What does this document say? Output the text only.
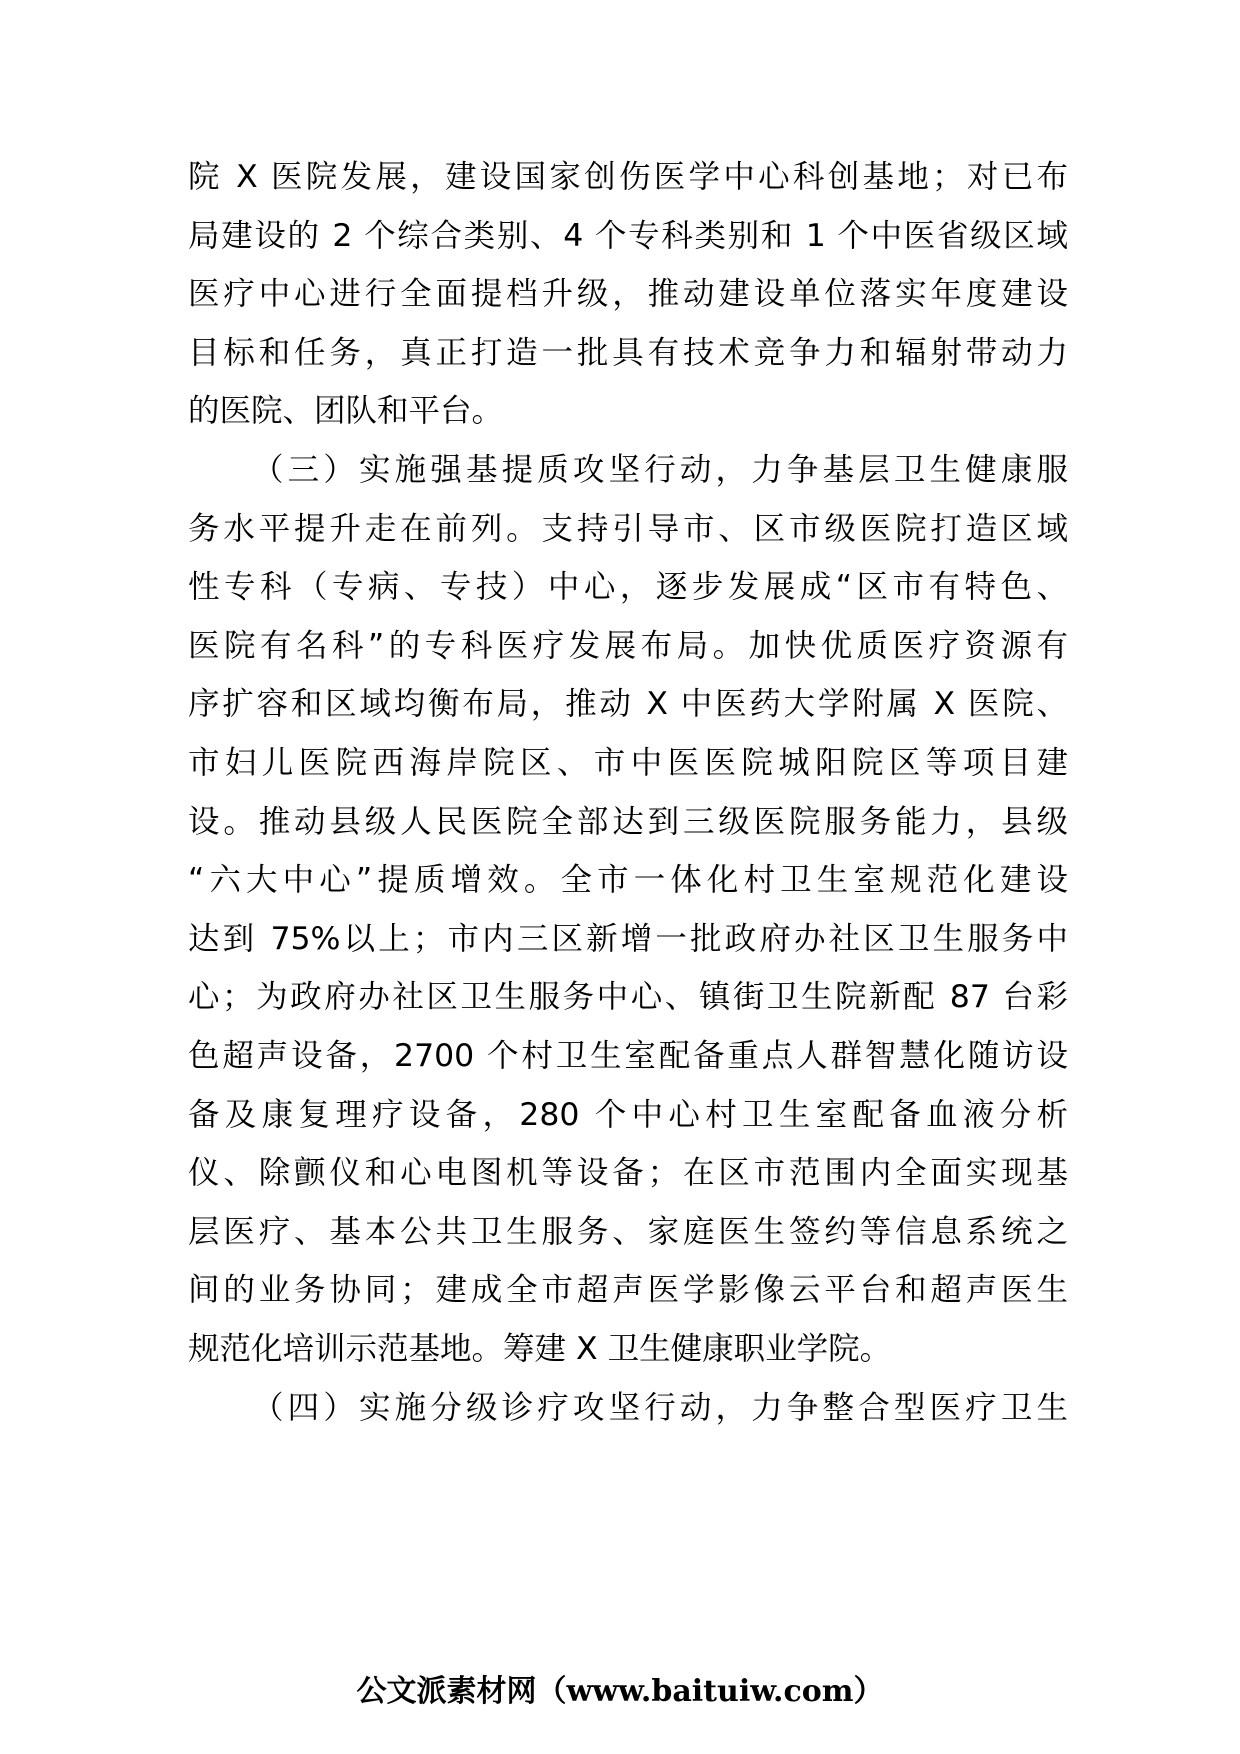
院 X 医院发展，建设国家创伤医学中心科创基地；对已布
局建设的 2 个综合类别、4 个专科类别和 1 个中医省级区域
医疗中心进行全面提档升级，推动建设单位落实年度建设
目标和任务，真正打造一批具有技术竞争力和辐射带动力
的医院、团队和平台。
（三）实施强基提质攻坚行动，力争基层卫生健康服
务水平提升走在前列。支持引导市、区市级医院打造区域
性专科（专病、专技）中心，逐步发展成“区市有特色、
医院有名科”的专科医疗发展布局。加快优质医疗资源有
序扩容和区域均衡布局，推动 X 中医药大学附属 X 医院、
市妇儿医院西海岸院区、市中医医院城阳院区等项目建
设。推动县级人民医院全部达到三级医院服务能力，县级
“六大中心”提质增效。全市一体化村卫生室规范化建设
达到 75%以上；市内三区新增一批政府办社区卫生服务中
心；为政府办社区卫生服务中心、镇街卫生院新配 87 台彩
色超声设备，2700 个村卫生室配备重点人群智慧化随访设
备及康复理疗设备，280 个中心村卫生室配备血液分析
仪、除颤仪和心电图机等设备；在区市范围内全面实现基
层医疗、基本公共卫生服务、家庭医生签约等信息系统之
间的业务协同；建成全市超声医学影像云平台和超声医生
规范化培训示范基地。筹建 X 卫生健康职业学院。
（四）实施分级诊疗攻坚行动，力争整合型医疗卫生
公文派素材网（www.baituiw.com）
